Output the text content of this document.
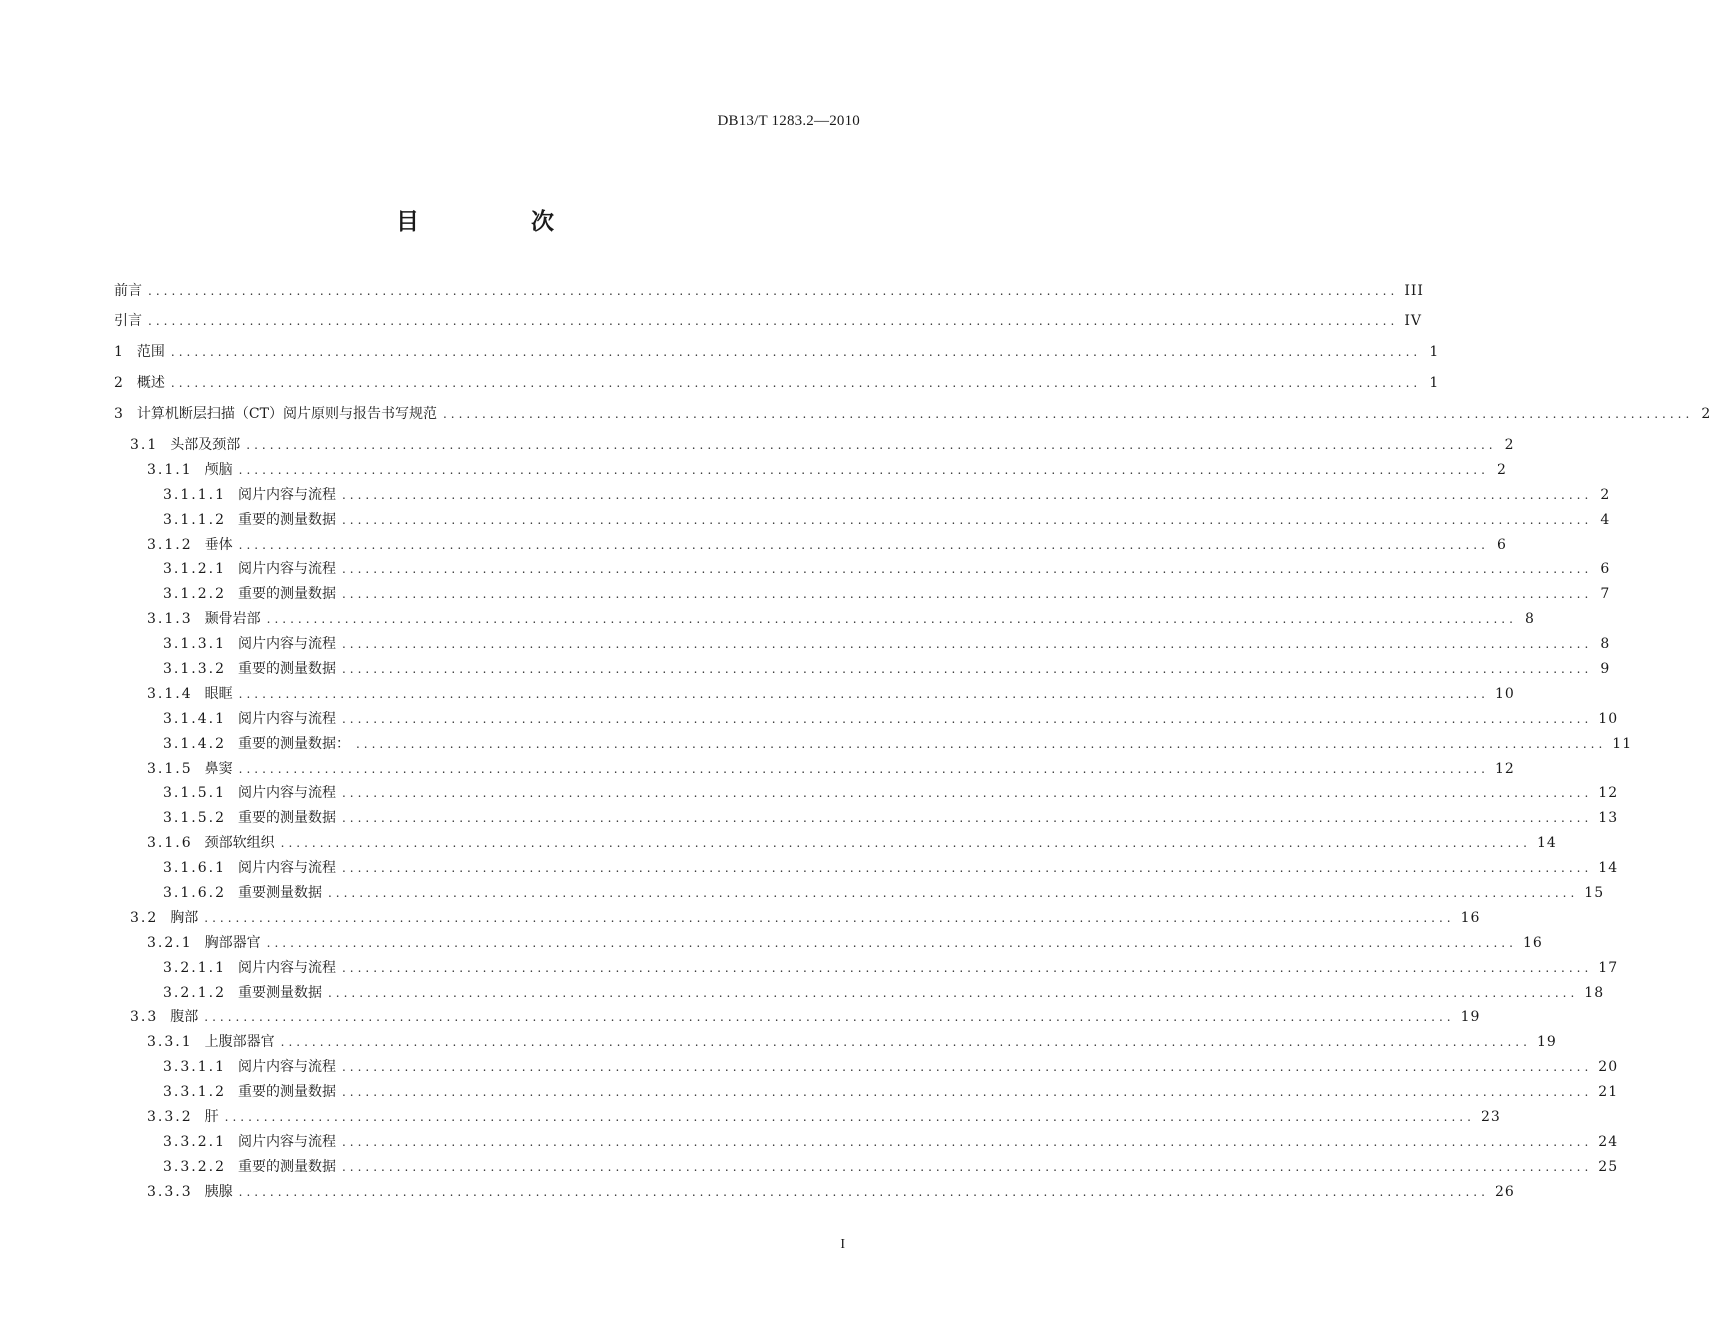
DB13/T 1283.2—2010
目 次
前言 ................................................................................................................................................................ III
引言 ................................................................................................................................................................ IV
1 范围 ................................................................................................................................................................ 1
2 概述 ................................................................................................................................................................ 1
3 计算机断层扫描（CT）阅片原则与报告书写规范 ................................................................................................................................................................ 2
3.1 头部及颈部 ................................................................................................................................................................ 2
3.1.1 颅脑 ................................................................................................................................................................ 2
3.1.1.1 阅片内容与流程 ................................................................................................................................................................ 2
3.1.1.2 重要的测量数据 ................................................................................................................................................................ 4
3.1.2 垂体 ................................................................................................................................................................ 6
3.1.2.1 阅片内容与流程 ................................................................................................................................................................ 6
3.1.2.2 重要的测量数据 ................................................................................................................................................................ 7
3.1.3 颞骨岩部 ................................................................................................................................................................ 8
3.1.3.1 阅片内容与流程 ................................................................................................................................................................ 8
3.1.3.2 重要的测量数据 ................................................................................................................................................................ 9
3.1.4 眼眶 ................................................................................................................................................................ 10
3.1.4.1 阅片内容与流程 ................................................................................................................................................................ 10
3.1.4.2 重要的测量数据： ................................................................................................................................................................ 11
3.1.5 鼻窦 ................................................................................................................................................................ 12
3.1.5.1 阅片内容与流程 ................................................................................................................................................................ 12
3.1.5.2 重要的测量数据 ................................................................................................................................................................ 13
3.1.6 颈部软组织 ................................................................................................................................................................ 14
3.1.6.1 阅片内容与流程 ................................................................................................................................................................ 14
3.1.6.2 重要测量数据 ................................................................................................................................................................ 15
3.2 胸部 ................................................................................................................................................................ 16
3.2.1 胸部器官 ................................................................................................................................................................ 16
3.2.1.1 阅片内容与流程 ................................................................................................................................................................ 17
3.2.1.2 重要测量数据 ................................................................................................................................................................ 18
3.3 腹部 ................................................................................................................................................................ 19
3.3.1 上腹部器官 ................................................................................................................................................................ 19
3.3.1.1 阅片内容与流程 ................................................................................................................................................................ 20
3.3.1.2 重要的测量数据 ................................................................................................................................................................ 21
3.3.2 肝 ................................................................................................................................................................ 23
3.3.2.1 阅片内容与流程 ................................................................................................................................................................ 24
3.3.2.2 重要的测量数据 ................................................................................................................................................................ 25
3.3.3 胰腺 ................................................................................................................................................................ 26
I
